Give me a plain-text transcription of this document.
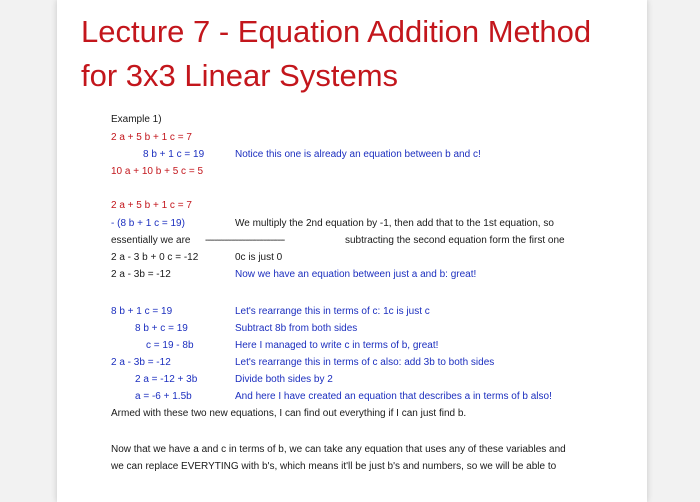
Lecture 7 - Equation Addition Method
for 3x3 Linear Systems
Example 1)
2 a + 5 b + 1 c = 7
8 b + 1 c = 19	Notice this one is already an equation between b and c!
10 a + 10 b + 5 c = 5
2 a + 5 b + 1 c = 7
- (8 b + 1 c = 19)	We multiply the 2nd equation by -1, then add that to the 1st equation, so
essentially we are ----------------------------------	subtracting the second equation form the first one
2 a - 3 b + 0 c = -12	0c is just 0
2 a - 3b = -12	Now we have an equation between just a and b: great!
8 b + 1 c = 19	Let's rearrange this in terms of c: 1c is just c
8 b + c = 19	Subtract 8b from both sides
c = 19 - 8b	Here I managed to write c in terms of b, great!
2 a - 3b = -12	Let's rearrange this in terms of c also: add 3b to both sides
2 a = -12 + 3b	Divide both sides by 2
a = -6 + 1.5b	And here I have created an equation that describes a in terms of b also!
Armed with these two new equations, I can find out everything if I can just find b.
Now that we have a and c in terms of b, we can take any equation that uses any of these variables and
we can replace EVERYTING with b's, which means it'll be just b's and numbers, so we will be able to
